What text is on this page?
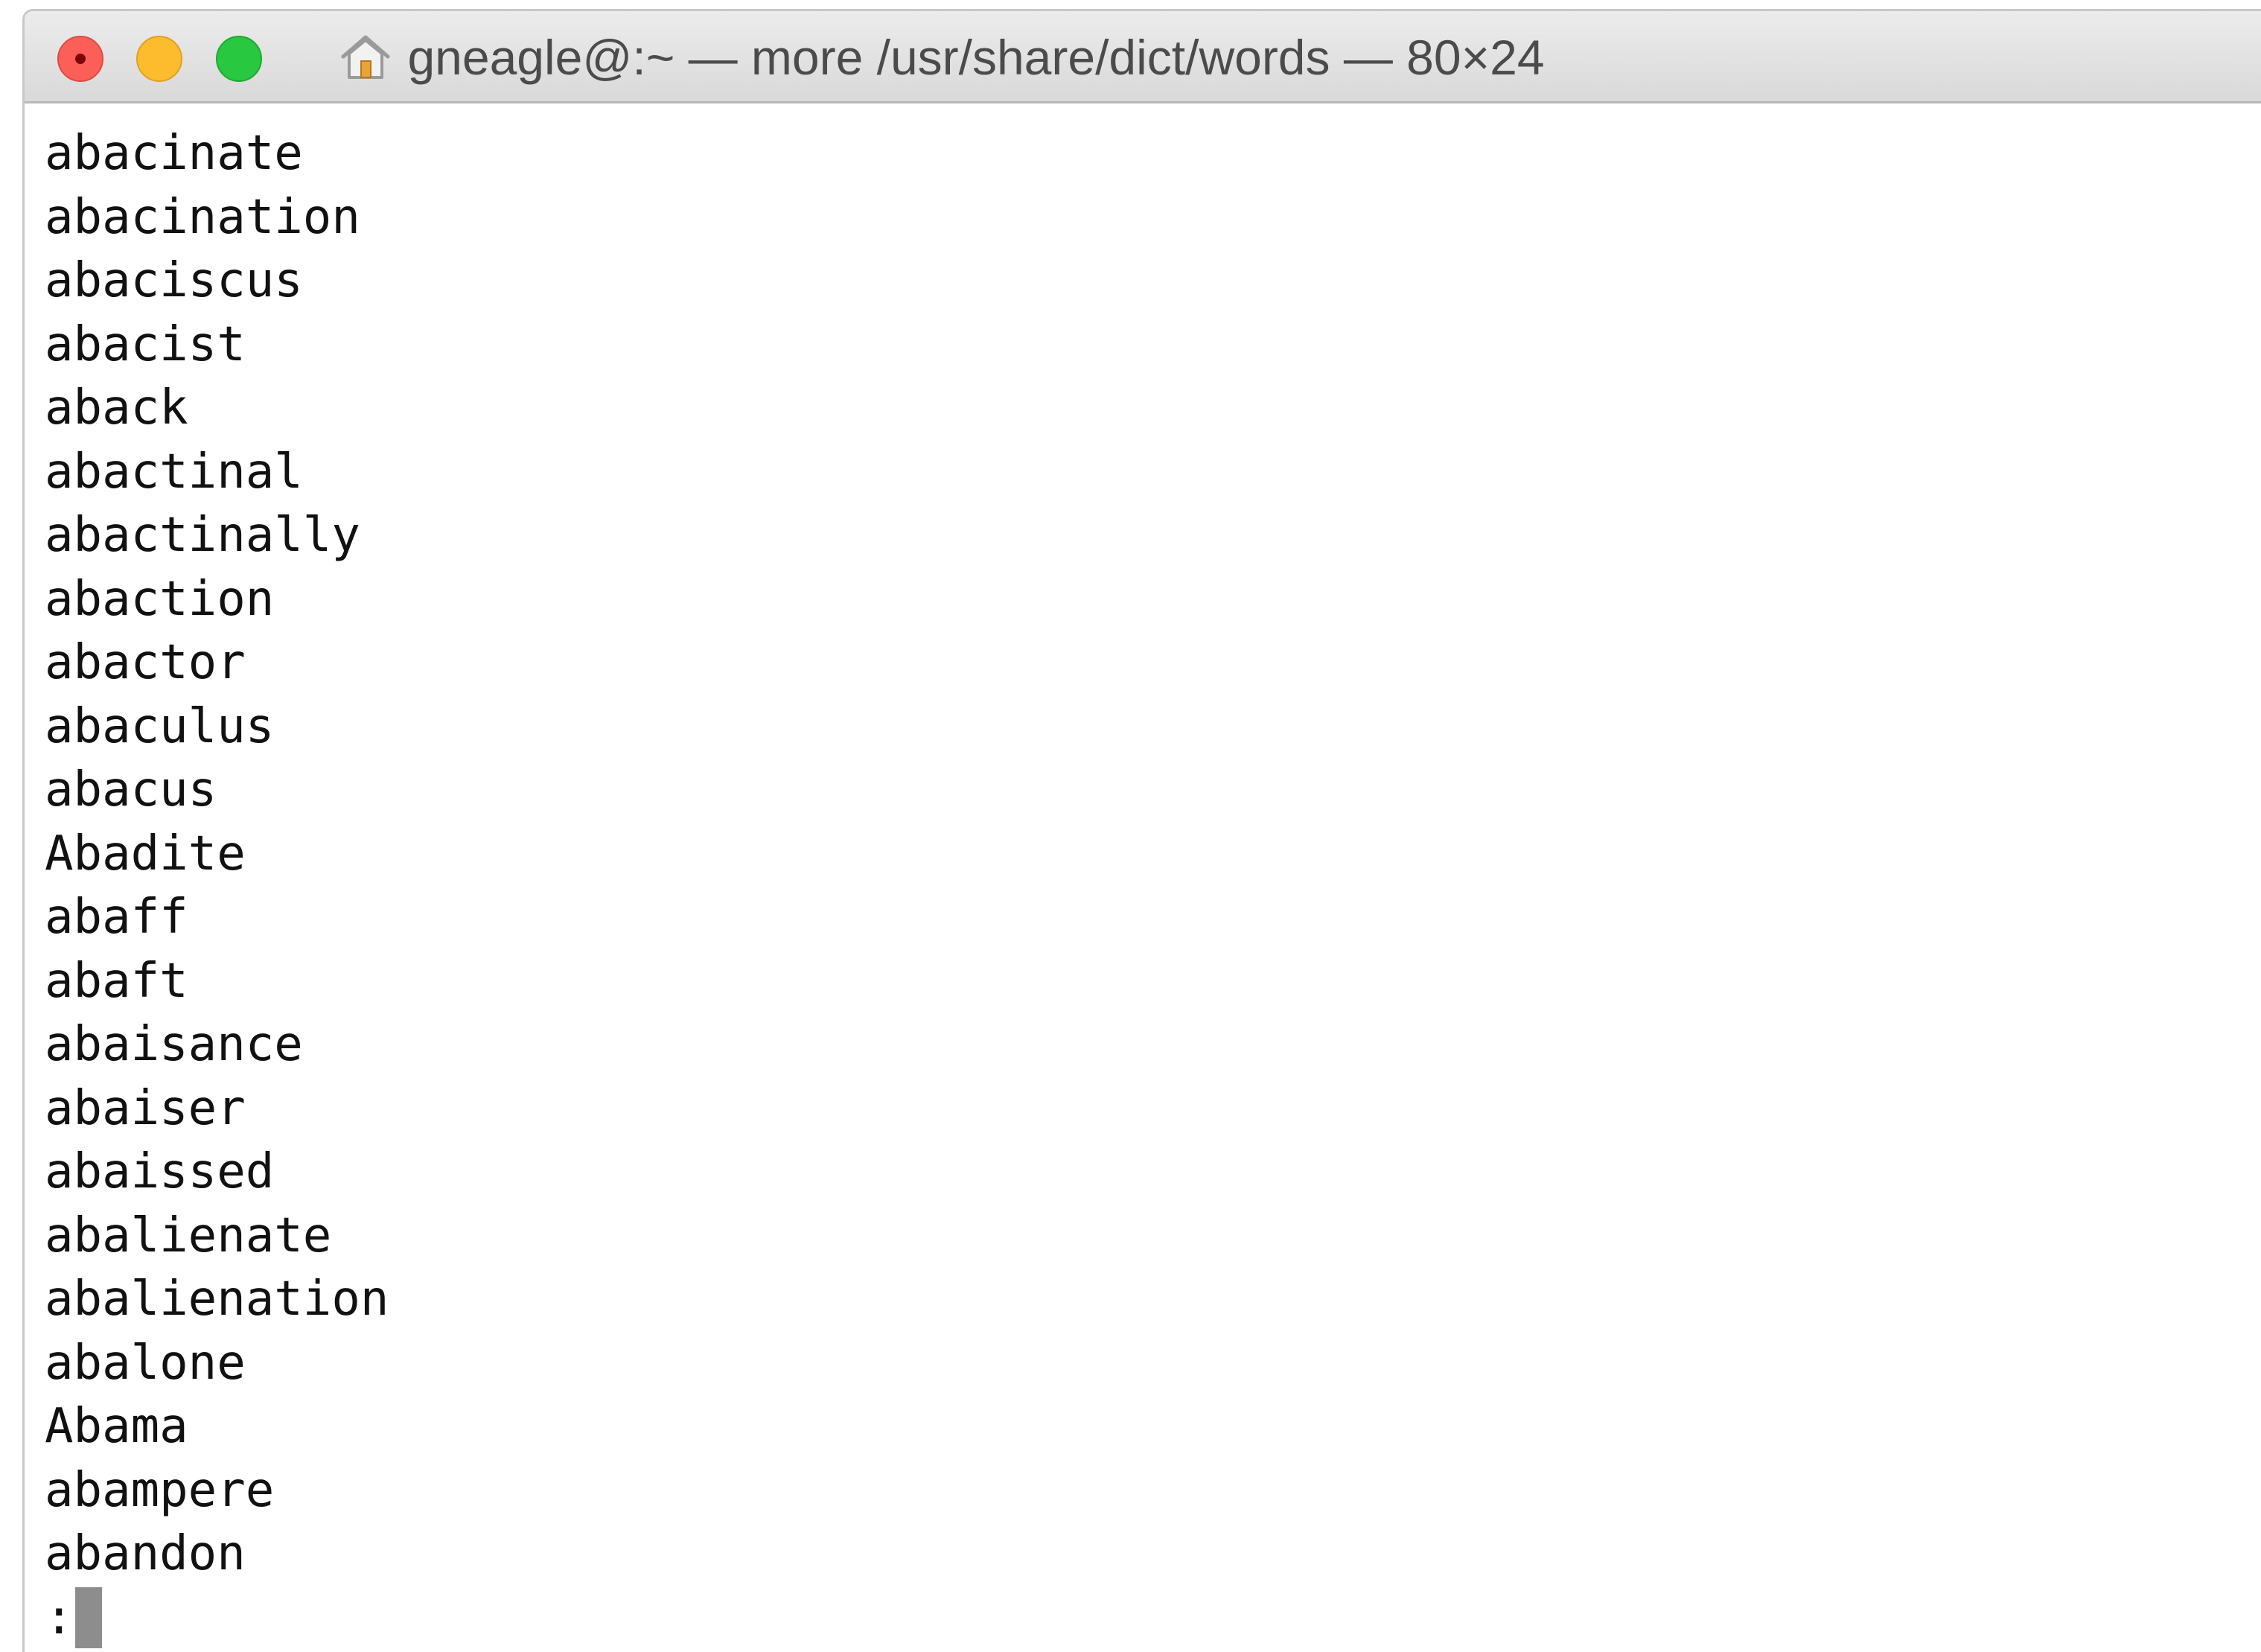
gneagle@:~ — more /usr/share/dict/words — 80×24
abacinate
abacination
abaciscus
abacist
aback
abactinal
abactinally
abaction
abactor
abaculus
abacus
Abadite
abaff
abaft
abaisance
abaiser
abaissed
abalienate
abalienation
abalone
Abama
abampere
abandon
:
